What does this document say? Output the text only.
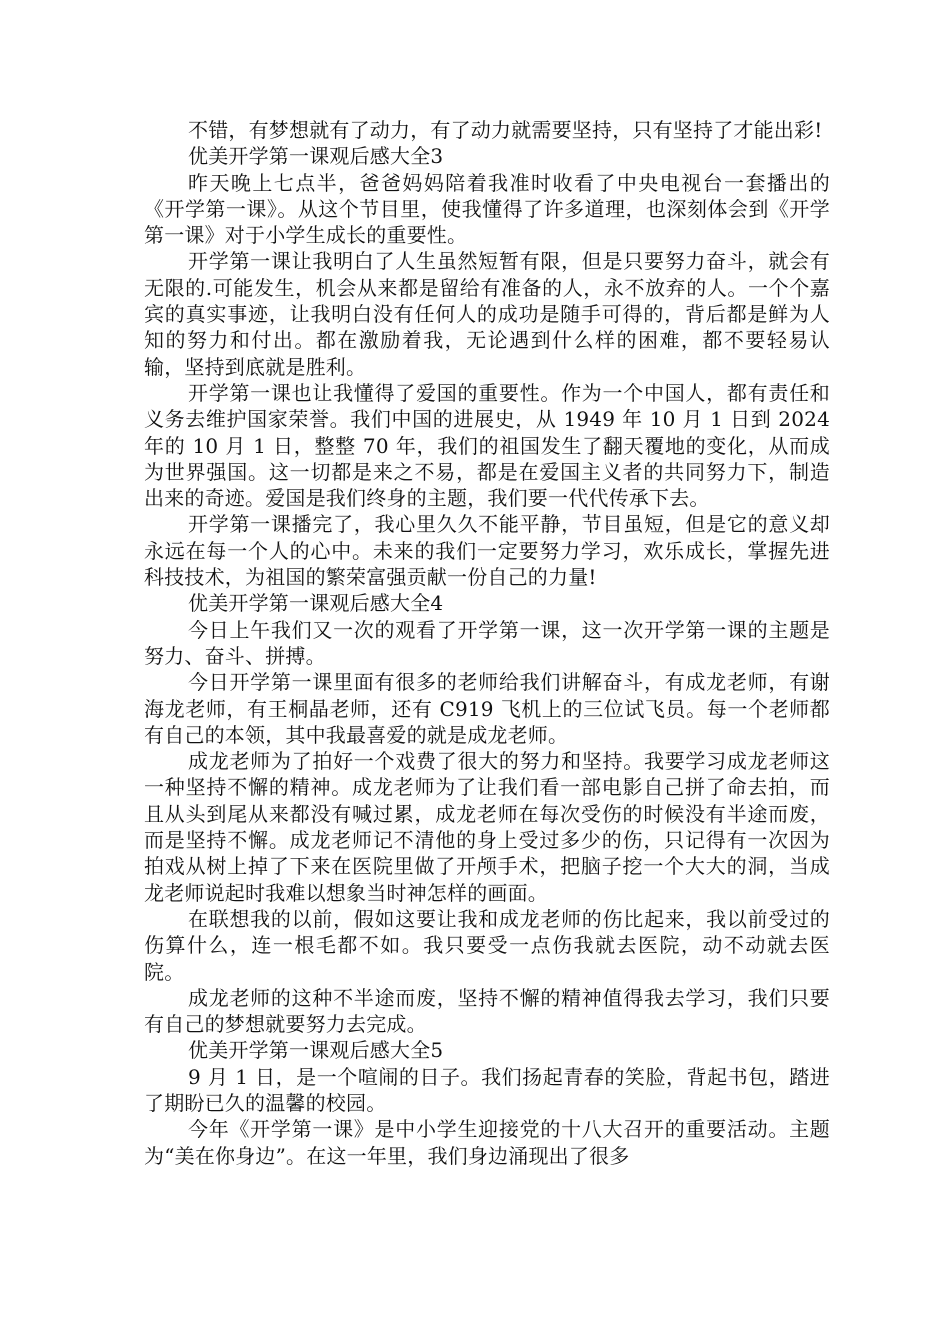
不错，有梦想就有了动力，有了动力就需要坚持，只有坚持了才能出彩!

优美开学第一课观后感大全3

昨天晚上七点半，爸爸妈妈陪着我准时收看了中央电视台一套播出的《开学第一课》。从这个节目里，使我懂得了许多道理，也深刻体会到《开学第一课》对于小学生成长的重要性。

开学第一课让我明白了人生虽然短暂有限，但是只要努力奋斗，就会有无限的.可能发生，机会从来都是留给有准备的人，永不放弃的人。一个个嘉宾的真实事迹，让我明白没有任何人的成功是随手可得的，背后都是鲜为人知的努力和付出。都在激励着我，无论遇到什么样的困难，都不要轻易认输，坚持到底就是胜利。

开学第一课也让我懂得了爱国的重要性。作为一个中国人，都有责任和义务去维护国家荣誉。我们中国的进展史，从 1949 年 10 月 1 日到 2024 年的 10 月 1 日，整整 70 年，我们的祖国发生了翻天覆地的变化，从而成为世界强国。这一切都是来之不易，都是在爱国主义者的共同努力下，制造出来的奇迹。爱国是我们终身的主题，我们要一代代传承下去。

开学第一课播完了，我心里久久不能平静，节目虽短，但是它的意义却永远在每一个人的心中。未来的我们一定要努力学习，欢乐成长，掌握先进科技技术，为祖国的繁荣富强贡献一份自己的力量!

优美开学第一课观后感大全4

今日上午我们又一次的观看了开学第一课，这一次开学第一课的主题是努力、奋斗、拼搏。

今日开学第一课里面有很多的老师给我们讲解奋斗，有成龙老师，有谢海龙老师，有王桐晶老师，还有 C919 飞机上的三位试飞员。每一个老师都有自己的本领，其中我最喜爱的就是成龙老师。

成龙老师为了拍好一个戏费了很大的努力和坚持。我要学习成龙老师这一种坚持不懈的精神。成龙老师为了让我们看一部电影自己拼了命去拍，而且从头到尾从来都没有喊过累，成龙老师在每次受伤的时候没有半途而废，而是坚持不懈。成龙老师记不清他的身上受过多少的伤，只记得有一次因为拍戏从树上掉了下来在医院里做了开颅手术，把脑子挖一个大大的洞，当成龙老师说起时我难以想象当时神怎样的画面。

在联想我的以前，假如这要让我和成龙老师的伤比起来，我以前受过的伤算什么，连一根毛都不如。我只要受一点伤我就去医院，动不动就去医院。

成龙老师的这种不半途而废，坚持不懈的精神值得我去学习，我们只要有自己的梦想就要努力去完成。

优美开学第一课观后感大全5

9 月 1 日，是一个喧闹的日子。我们扬起青春的笑脸，背起书包，踏进了期盼已久的温馨的校园。

今年《开学第一课》是中小学生迎接党的十八大召开的重要活动。主题为“美在你身边”。在这一年里，我们身边涌现出了很多
